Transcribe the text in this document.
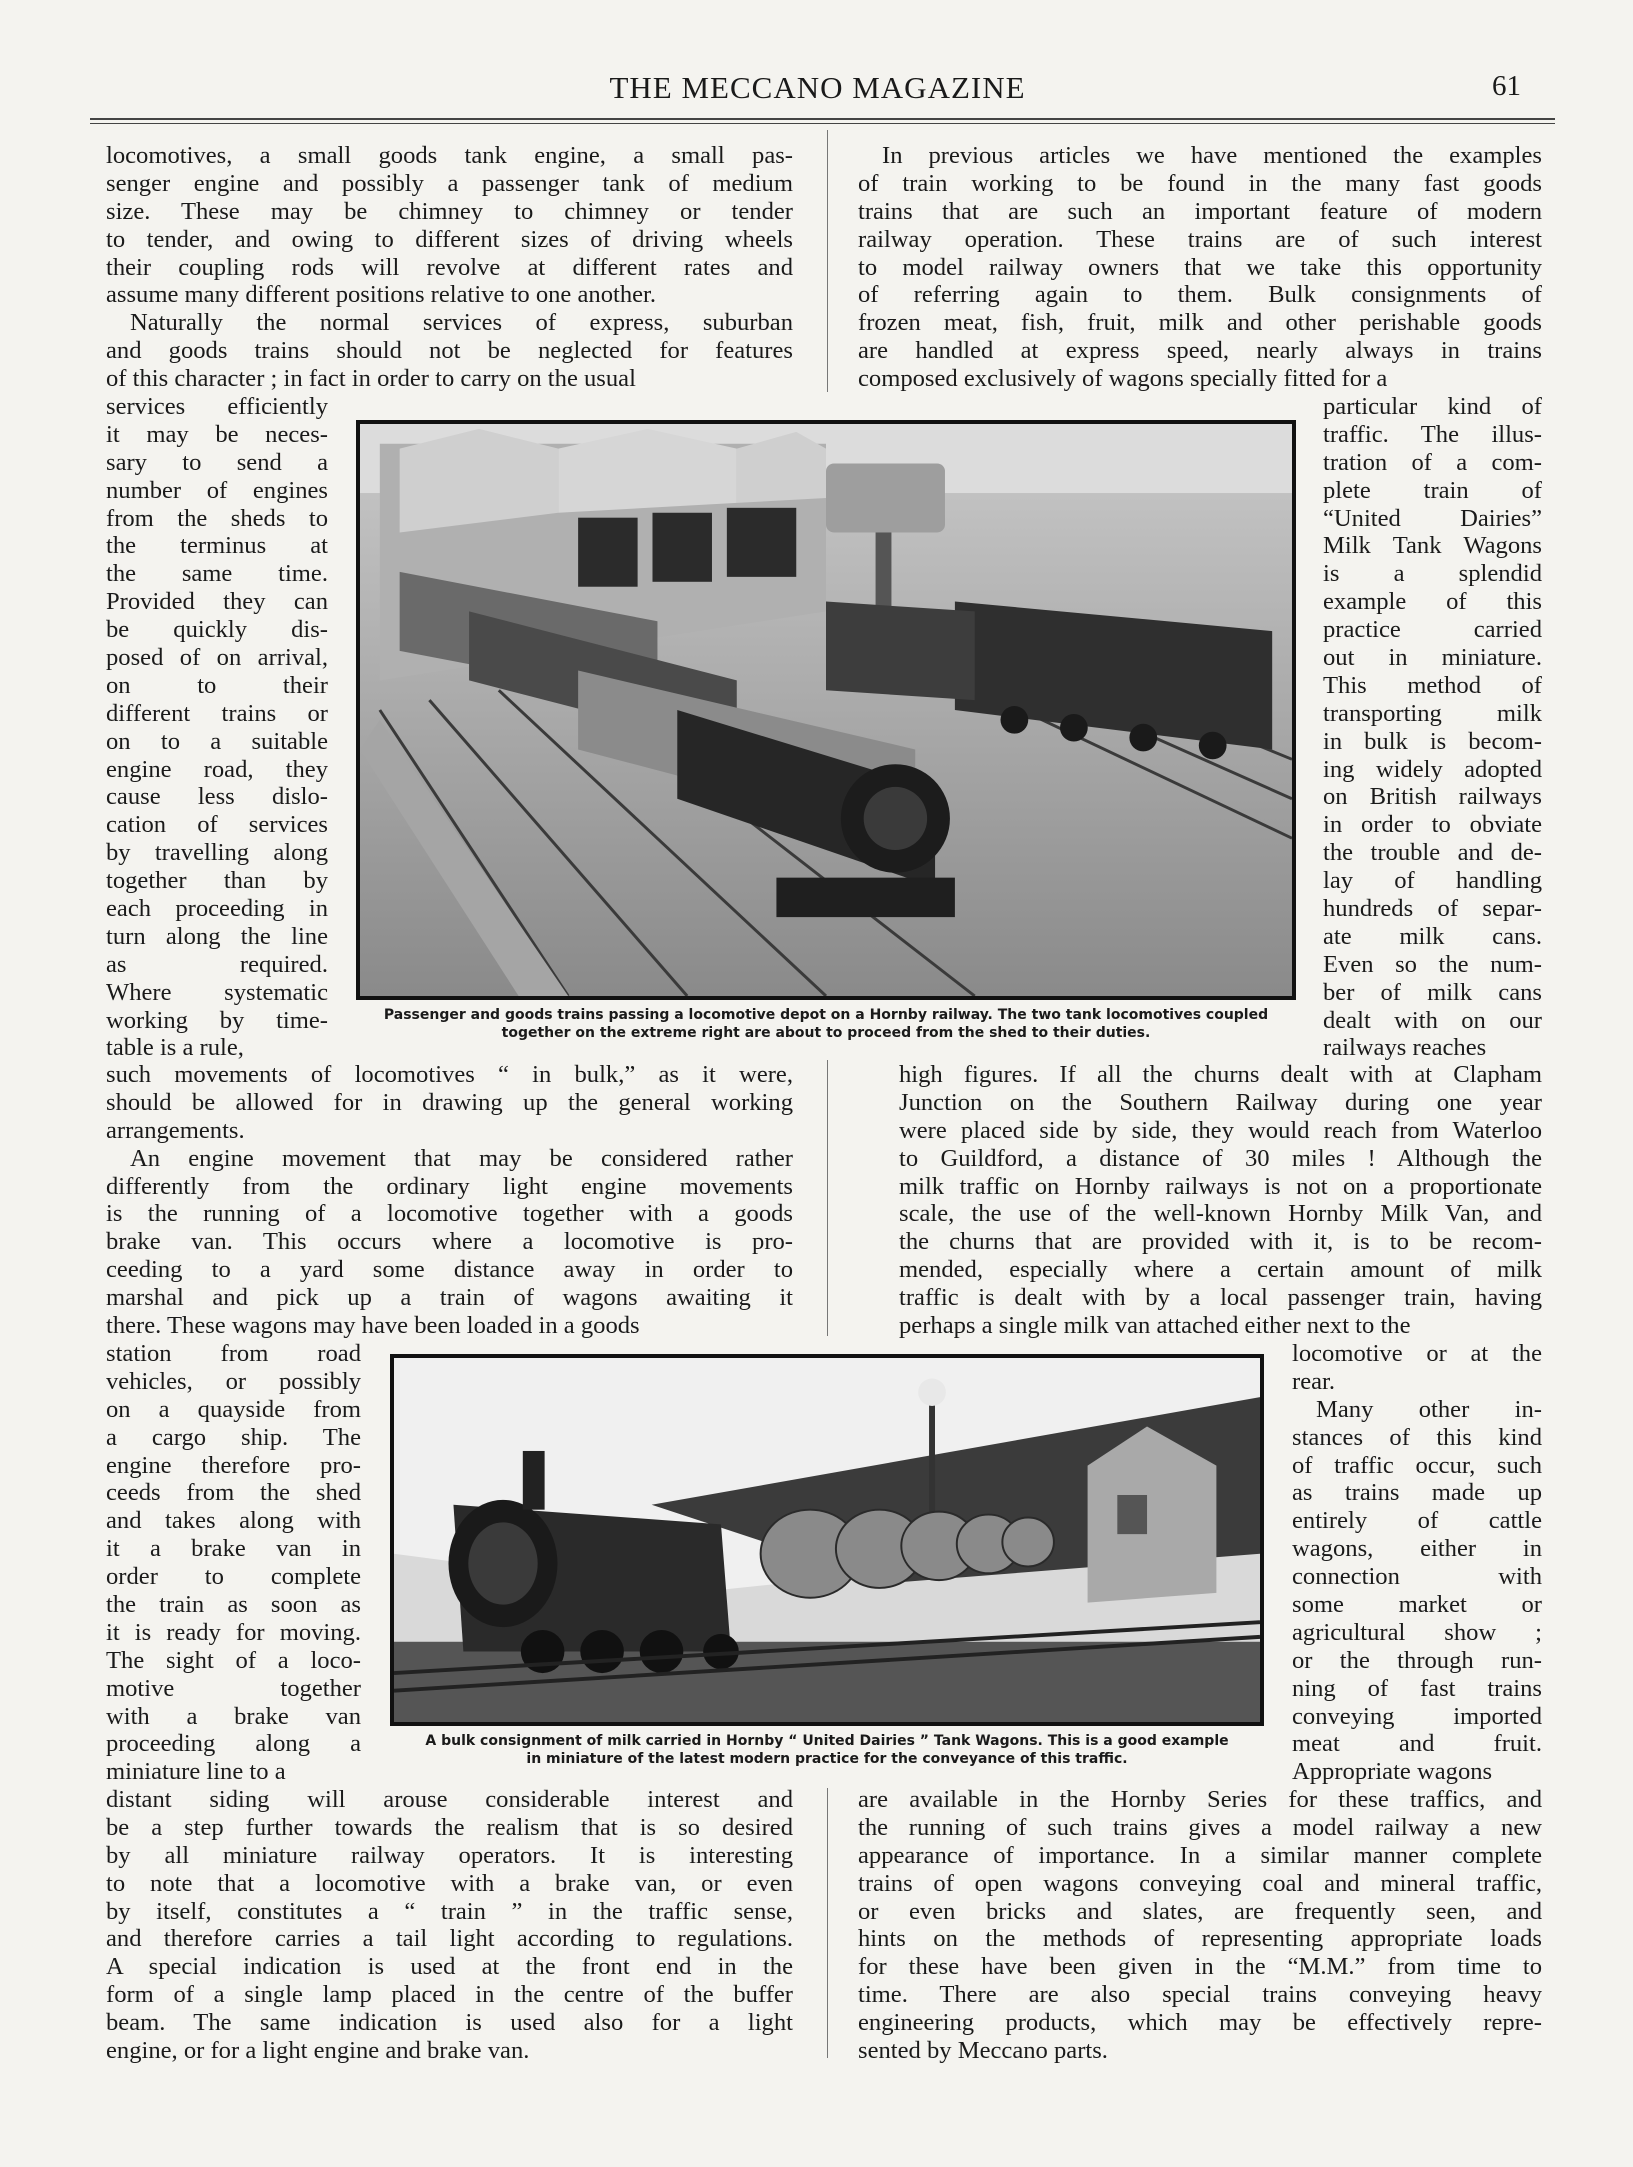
THE MECCANO MAGAZINE	61
locomotives, a small goods tank engine, a small pas-
senger engine and possibly a passenger tank of medium
size. These may be chimney to chimney or tender
to tender, and owing to different sizes of driving wheels
their coupling rods will revolve at different rates and
assume many different positions relative to one another.
Naturally the normal services of express, suburban
and goods trains should not be neglected for features
of this character ; in fact in order to carry on the usual
services efficiently
it may be neces-
sary to send a
number of engines
from the sheds to
the terminus at
the same time.
Provided they can
be quickly dis-
posed of on arrival,
on to their
different trains or
on to a suitable
engine road, they
cause less dislo-
cation of services
by travelling along
together than by
each proceeding in
turn along the line
as required.
Where systematic
working by time-
table is a rule,
such movements of locomotives “ in bulk,” as it were,
should be allowed for in drawing up the general working
arrangements.
An engine movement that may be considered rather
differently from the ordinary light engine movements
is the running of a locomotive together with a goods
brake van. This occurs where a locomotive is pro-
ceeding to a yard some distance away in order to
marshal and pick up a train of wagons awaiting it
there. These wagons may have been loaded in a goods
station from road
vehicles, or possibly
on a quayside from
a cargo ship. The
engine therefore pro-
ceeds from the shed
and takes along with
it a brake van in
order to complete
the train as soon as
it is ready for moving.
The sight of a loco-
motive together
with a brake van
proceeding along a
miniature line to a
distant siding will arouse considerable interest and
be a step further towards the realism that is so desired
by all miniature railway operators. It is interesting
to note that a locomotive with a brake van, or even
by itself, constitutes a “ train ” in the traffic sense,
and therefore carries a tail light according to regulations.
A special indication is used at the front end in the
form of a single lamp placed in the centre of the buffer
beam. The same indication is used also for a light
engine, or for a light engine and brake van.
In previous articles we have mentioned the examples
of train working to be found in the many fast goods
trains that are such an important feature of modern
railway operation. These trains are of such interest
to model railway owners that we take this opportunity
of referring again to them. Bulk consignments of
frozen meat, fish, fruit, milk and other perishable goods
are handled at express speed, nearly always in trains
composed exclusively of wagons specially fitted for a
particular kind of
traffic. The illus-
tration of a com-
plete train of
“United Dairies”
Milk Tank Wagons
is a splendid
example of this
practice carried
out in miniature.
This method of
transporting milk
in bulk is becom-
ing widely adopted
on British railways
in order to obviate
the trouble and de-
lay of handling
hundreds of separ-
ate milk cans.
Even so the num-
ber of milk cans
dealt with on our
railways reaches
high figures. If all the churns dealt with at Clapham
Junction on the Southern Railway during one year
were placed side by side, they would reach from Waterloo
to Guildford, a distance of 30 miles ! Although the
milk traffic on Hornby railways is not on a proportionate
scale, the use of the well-known Hornby Milk Van, and
the churns that are provided with it, is to be recom-
mended, especially where a certain amount of milk
traffic is dealt with by a local passenger train, having
perhaps a single milk van attached either next to the
locomotive or at the
rear.
Many other in-
stances of this kind
of traffic occur, such
as trains made up
entirely of cattle
wagons, either in
connection with
some market or
agricultural show ;
or the through run-
ning of fast trains
conveying imported
meat and fruit.
Appropriate wagons
are available in the Hornby Series for these traffics, and
the running of such trains gives a model railway a new
appearance of importance. In a similar manner complete
trains of open wagons conveying coal and mineral traffic,
or even bricks and slates, are frequently seen, and
hints on the methods of representing appropriate loads
for these have been given in the “M.M.” from time to
time. There are also special trains conveying heavy
engineering products, which may be effectively repre-
sented by Meccano parts.
Passenger and goods trains passing a locomotive depot on a Hornby railway. The two tank locomotives coupled
together on the extreme right are about to proceed from the shed to their duties.
A bulk consignment of milk carried in Hornby “ United Dairies ” Tank Wagons. This is a good example
in miniature of the latest modern practice for the conveyance of this traffic.
